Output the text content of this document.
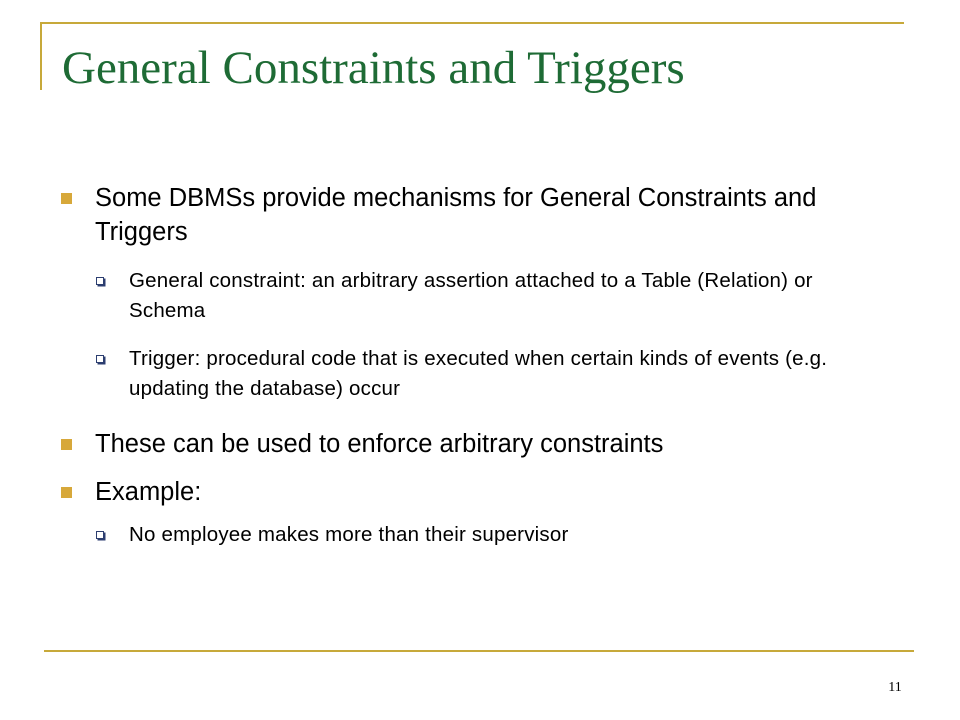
General Constraints and Triggers
Some DBMSs provide mechanisms for General Constraints and Triggers
General constraint: an arbitrary assertion attached to a Table (Relation) or Schema
Trigger: procedural code that is executed when certain kinds of events (e.g. updating the database) occur
These can be used to enforce arbitrary constraints
Example:
No employee makes more than their supervisor
11
